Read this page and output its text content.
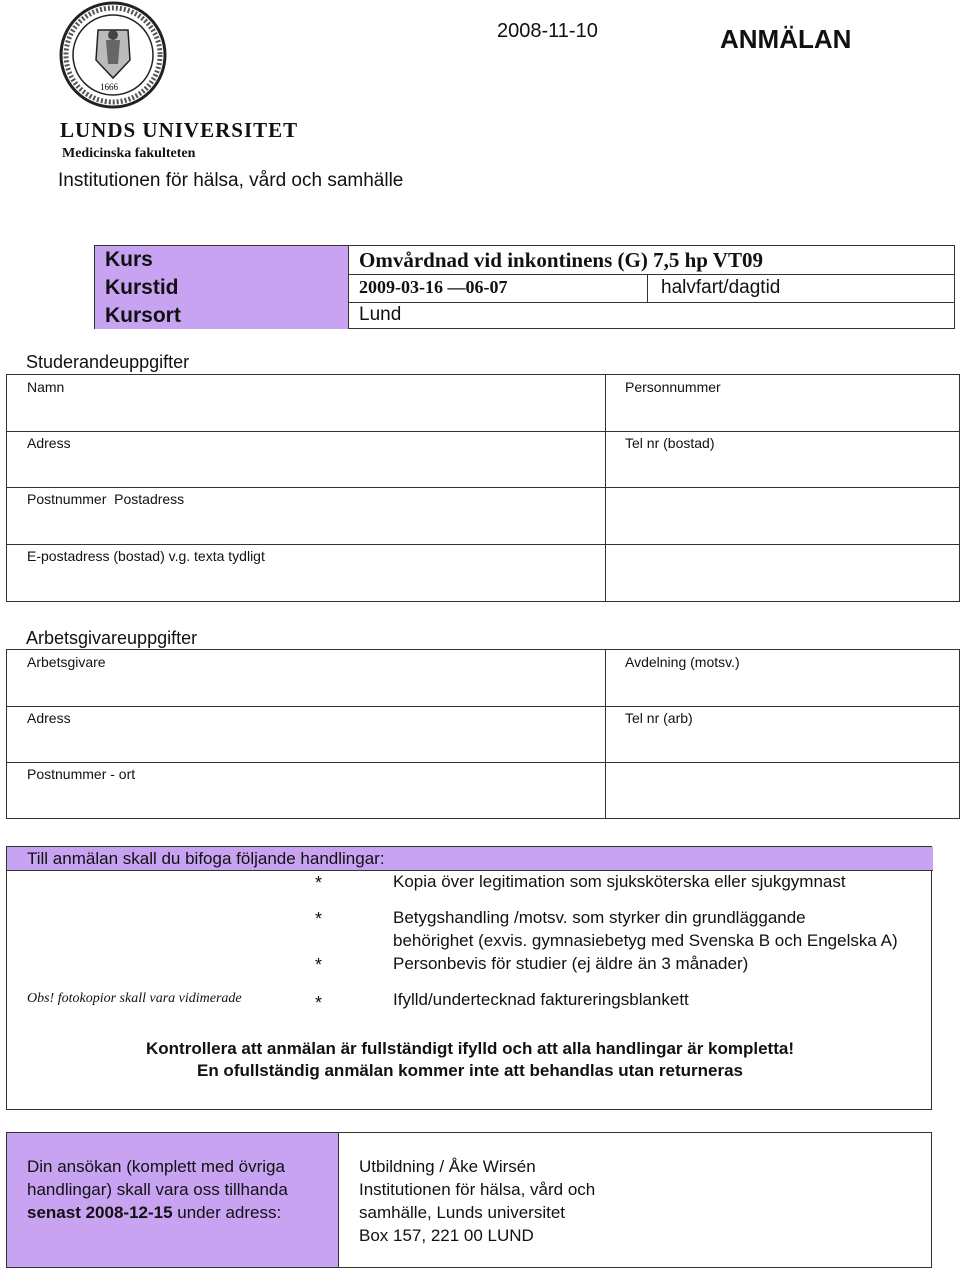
1666
LUNDS UNIVERSITET
Medicinska fakulteten
Institutionen för hälsa, vård och samhälle
2008-11-10	ANMÄLAN
Kurs	Omvårdnad vid inkontinens (G) 7,5 hp VT09
Kurstid	2009-03-16 —06-07	halvfart/dagtid
Kursort	Lund
Studerandeuppgifter
Namn	Personnummer
Adress	Tel nr (bostad)
Postnummer  Postadress
E-postadress (bostad) v.g. texta tydligt
Arbetsgivareuppgifter
Arbetsgivare	Avdelning (motsv.)
Adress	Tel nr (arb)
Postnummer - ort
Till anmälan skall du bifoga följande handlingar:
*	Kopia över legitimation som sjuksköterska eller sjukgymnast
*	Betygshandling /motsv. som styrker din grundläggande
behörighet (exvis. gymnasiebetyg med Svenska B och Engelska A)
*	Personbevis för studier (ej äldre än 3 månader)
Obs! fotokopior skall vara vidimerade	*	Ifylld/undertecknad faktureringsblankett
Kontrollera att anmälan är fullständigt ifylld och att alla handlingar är kompletta!
En ofullständig anmälan kommer inte att behandlas utan returneras
Din ansökan (komplett med övriga
handlingar) skall vara oss tillhanda
senast 2008-12-15 under adress:
Utbildning / Åke Wirsén
Institutionen för hälsa, vård och
samhälle, Lunds universitet
Box 157, 221 00 LUND
